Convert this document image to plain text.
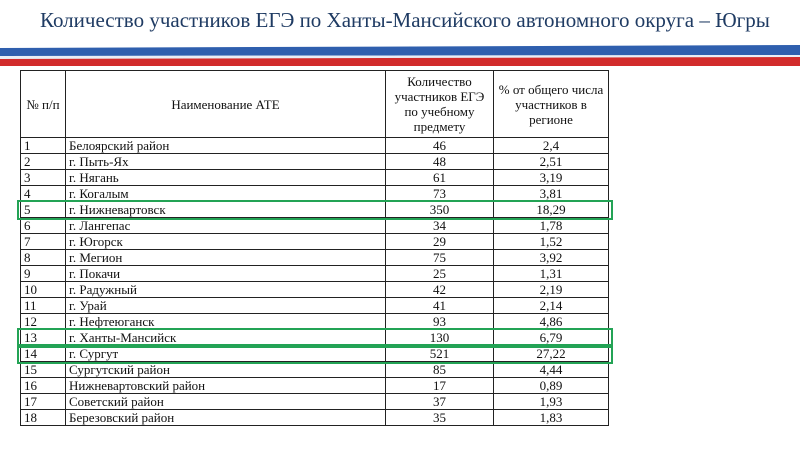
Количество участников ЕГЭ по Ханты-Мансийского автономного округа – Югры
№ п/п	Наименование АТЕ	Количество участников ЕГЭ по учебному предмету	% от общего числа участников в регионе
1	Белоярский район	46	2,4
2	г. Пыть-Ях	48	2,51
3	г. Нягань	61	3,19
4	г. Когалым	73	3,81
5	г. Нижневартовск	350	18,29
6	г. Лангепас	34	1,78
7	г. Югорск	29	1,52
8	г. Мегион	75	3,92
9	г. Покачи	25	1,31
10	г. Радужный	42	2,19
11	г. Урай	41	2,14
12	г. Нефтеюганск	93	4,86
13	г. Ханты-Мансийск	130	6,79
14	г. Сургут	521	27,22
15	Сургутский район	85	4,44
16	Нижневартовский район	17	0,89
17	Советский район	37	1,93
18	Березовский район	35	1,83
